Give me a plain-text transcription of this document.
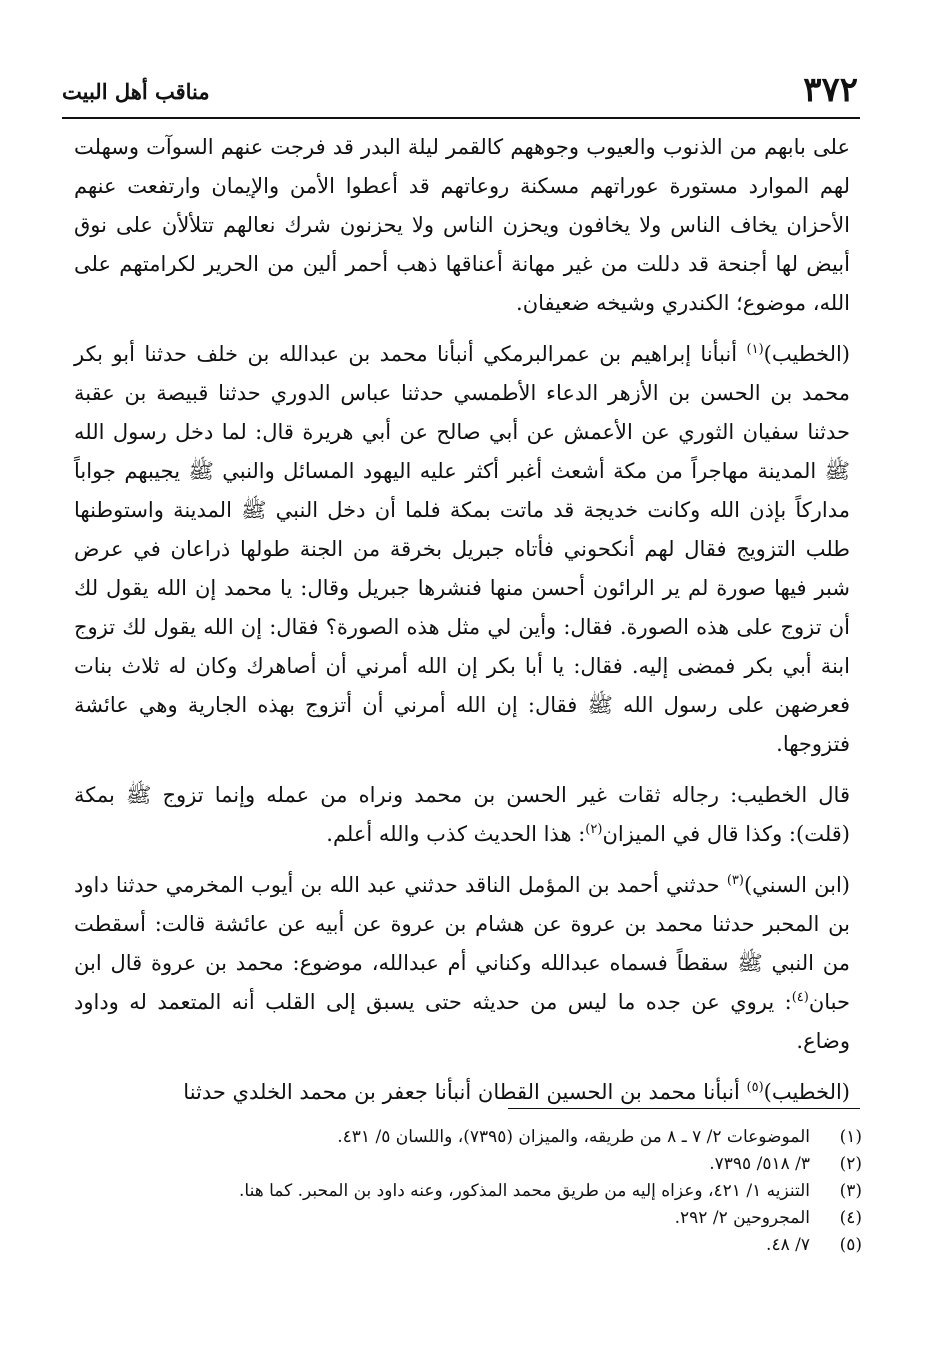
٣٧٢
مناقب أهل البيت

على بابهم من الذنوب والعيوب وجوههم كالقمر ليلة البدر قد فرجت عنهم السوآت وسهلت لهم الموارد مستورة عوراتهم مسكنة روعاتهم قد أعطوا الأمن والإيمان وارتفعت عنهم الأحزان يخاف الناس ولا يخافون ويحزن الناس ولا يحزنون شرك نعالهم تتلألأن على نوق أبيض لها أجنحة قد دللت من غير مهانة أعناقها ذهب أحمر ألين من الحرير لكرامتهم على الله، موضوع؛ الكندري وشيخه ضعيفان.

(الخطيب)$^{(١)}$ أنبأنا إبراهيم بن عمرالبرمكي أنبأنا محمد بن عبدالله بن خلف حدثنا أبو بكر محمد بن الحسن بن الأزهر الدعاء الأطمسي حدثنا عباس الدوري حدثنا قبيصة بن عقبة حدثنا سفيان الثوري عن الأعمش عن أبي صالح عن أبي هريرة قال: لما دخل رسول الله ﷺ المدينة مهاجراً من مكة أشعث أغبر أكثر عليه اليهود المسائل والنبي ﷺ يجيبهم جواباً مداركاً بإذن الله وكانت خديجة قد ماتت بمكة فلما أن دخل النبي ﷺ المدينة واستوطنها طلب التزويج فقال لهم أنكحوني فأتاه جبريل بخرقة من الجنة طولها ذراعان في عرض شبر فيها صورة لم ير الرائون أحسن منها فنشرها جبريل وقال: يا محمد إن الله يقول لك أن تزوج على هذه الصورة. فقال: وأين لي مثل هذه الصورة؟ فقال: إن الله يقول لك تزوج ابنة أبي بكر فمضى إليه. فقال: يا أبا بكر إن الله أمرني أن أصاهرك وكان له ثلاث بنات فعرضهن على رسول الله ﷺ فقال: إن الله أمرني أن أتزوج بهذه الجارية وهي عائشة فتزوجها.

قال الخطيب: رجاله ثقات غير الحسن بن محمد ونراه من عمله وإنما تزوج ﷺ بمكة (قلت): وكذا قال في الميزان$^{(٢)}$: هذا الحديث كذب والله أعلم.

(ابن السني)$^{(٣)}$ حدثني أحمد بن المؤمل الناقد حدثني عبد الله بن أيوب المخرمي حدثنا داود بن المحبر حدثنا محمد بن عروة عن هشام بن عروة عن أبيه عن عائشة قالت: أسقطت من النبي ﷺ سقطاً فسماه عبدالله وكناني أم عبدالله، موضوع: محمد بن عروة قال ابن حبان$^{(٤)}$: يروي عن جده ما ليس من حديثه حتى يسبق إلى القلب أنه المتعمد له وداود وضاع.

(الخطيب)$^{(٥)}$ أنبأنا محمد بن الحسين القطان أنبأنا جعفر بن محمد الخلدي حدثنا

(١)
الموضوعات ٢/ ٧ ـ ٨ من طريقه، والميزان (٧٣٩٥)، واللسان ٥/ ٤٣١.
(٢)
٣/ ٥١٨/ ٧٣٩٥.
(٣)
التنزيه ١/ ٤٢١، وعزاه إليه من طريق محمد المذكور، وعنه داود بن المحبر. كما هنا.
(٤)
المجروحين ٢/ ٢٩٢.
(٥)
٧/ ٤٨.
